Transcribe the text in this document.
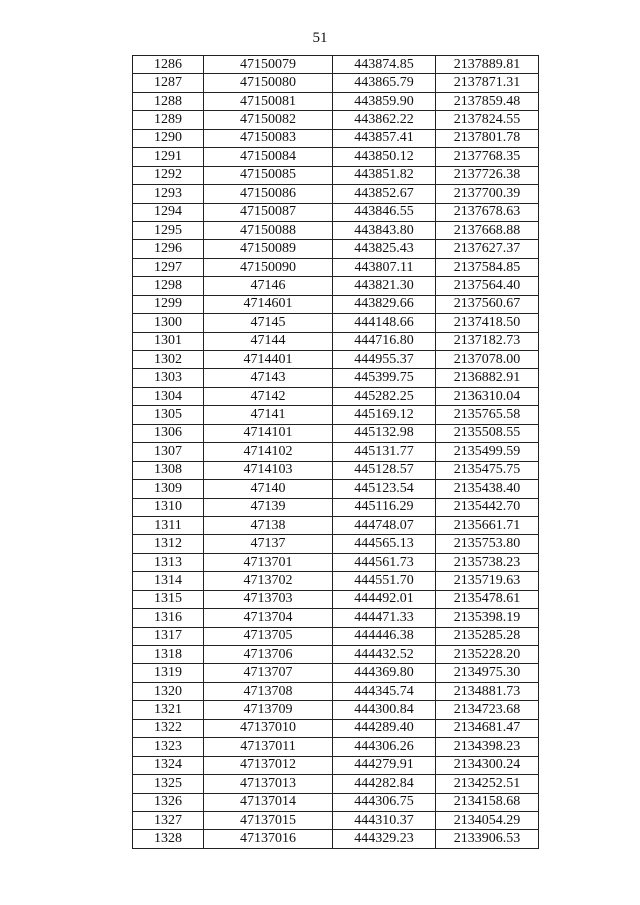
51
1286	47150079	443874.85	2137889.81
1287	47150080	443865.79	2137871.31
1288	47150081	443859.90	2137859.48
1289	47150082	443862.22	2137824.55
1290	47150083	443857.41	2137801.78
1291	47150084	443850.12	2137768.35
1292	47150085	443851.82	2137726.38
1293	47150086	443852.67	2137700.39
1294	47150087	443846.55	2137678.63
1295	47150088	443843.80	2137668.88
1296	47150089	443825.43	2137627.37
1297	47150090	443807.11	2137584.85
1298	47146	443821.30	2137564.40
1299	4714601	443829.66	2137560.67
1300	47145	444148.66	2137418.50
1301	47144	444716.80	2137182.73
1302	4714401	444955.37	2137078.00
1303	47143	445399.75	2136882.91
1304	47142	445282.25	2136310.04
1305	47141	445169.12	2135765.58
1306	4714101	445132.98	2135508.55
1307	4714102	445131.77	2135499.59
1308	4714103	445128.57	2135475.75
1309	47140	445123.54	2135438.40
1310	47139	445116.29	2135442.70
1311	47138	444748.07	2135661.71
1312	47137	444565.13	2135753.80
1313	4713701	444561.73	2135738.23
1314	4713702	444551.70	2135719.63
1315	4713703	444492.01	2135478.61
1316	4713704	444471.33	2135398.19
1317	4713705	444446.38	2135285.28
1318	4713706	444432.52	2135228.20
1319	4713707	444369.80	2134975.30
1320	4713708	444345.74	2134881.73
1321	4713709	444300.84	2134723.68
1322	47137010	444289.40	2134681.47
1323	47137011	444306.26	2134398.23
1324	47137012	444279.91	2134300.24
1325	47137013	444282.84	2134252.51
1326	47137014	444306.75	2134158.68
1327	47137015	444310.37	2134054.29
1328	47137016	444329.23	2133906.53
